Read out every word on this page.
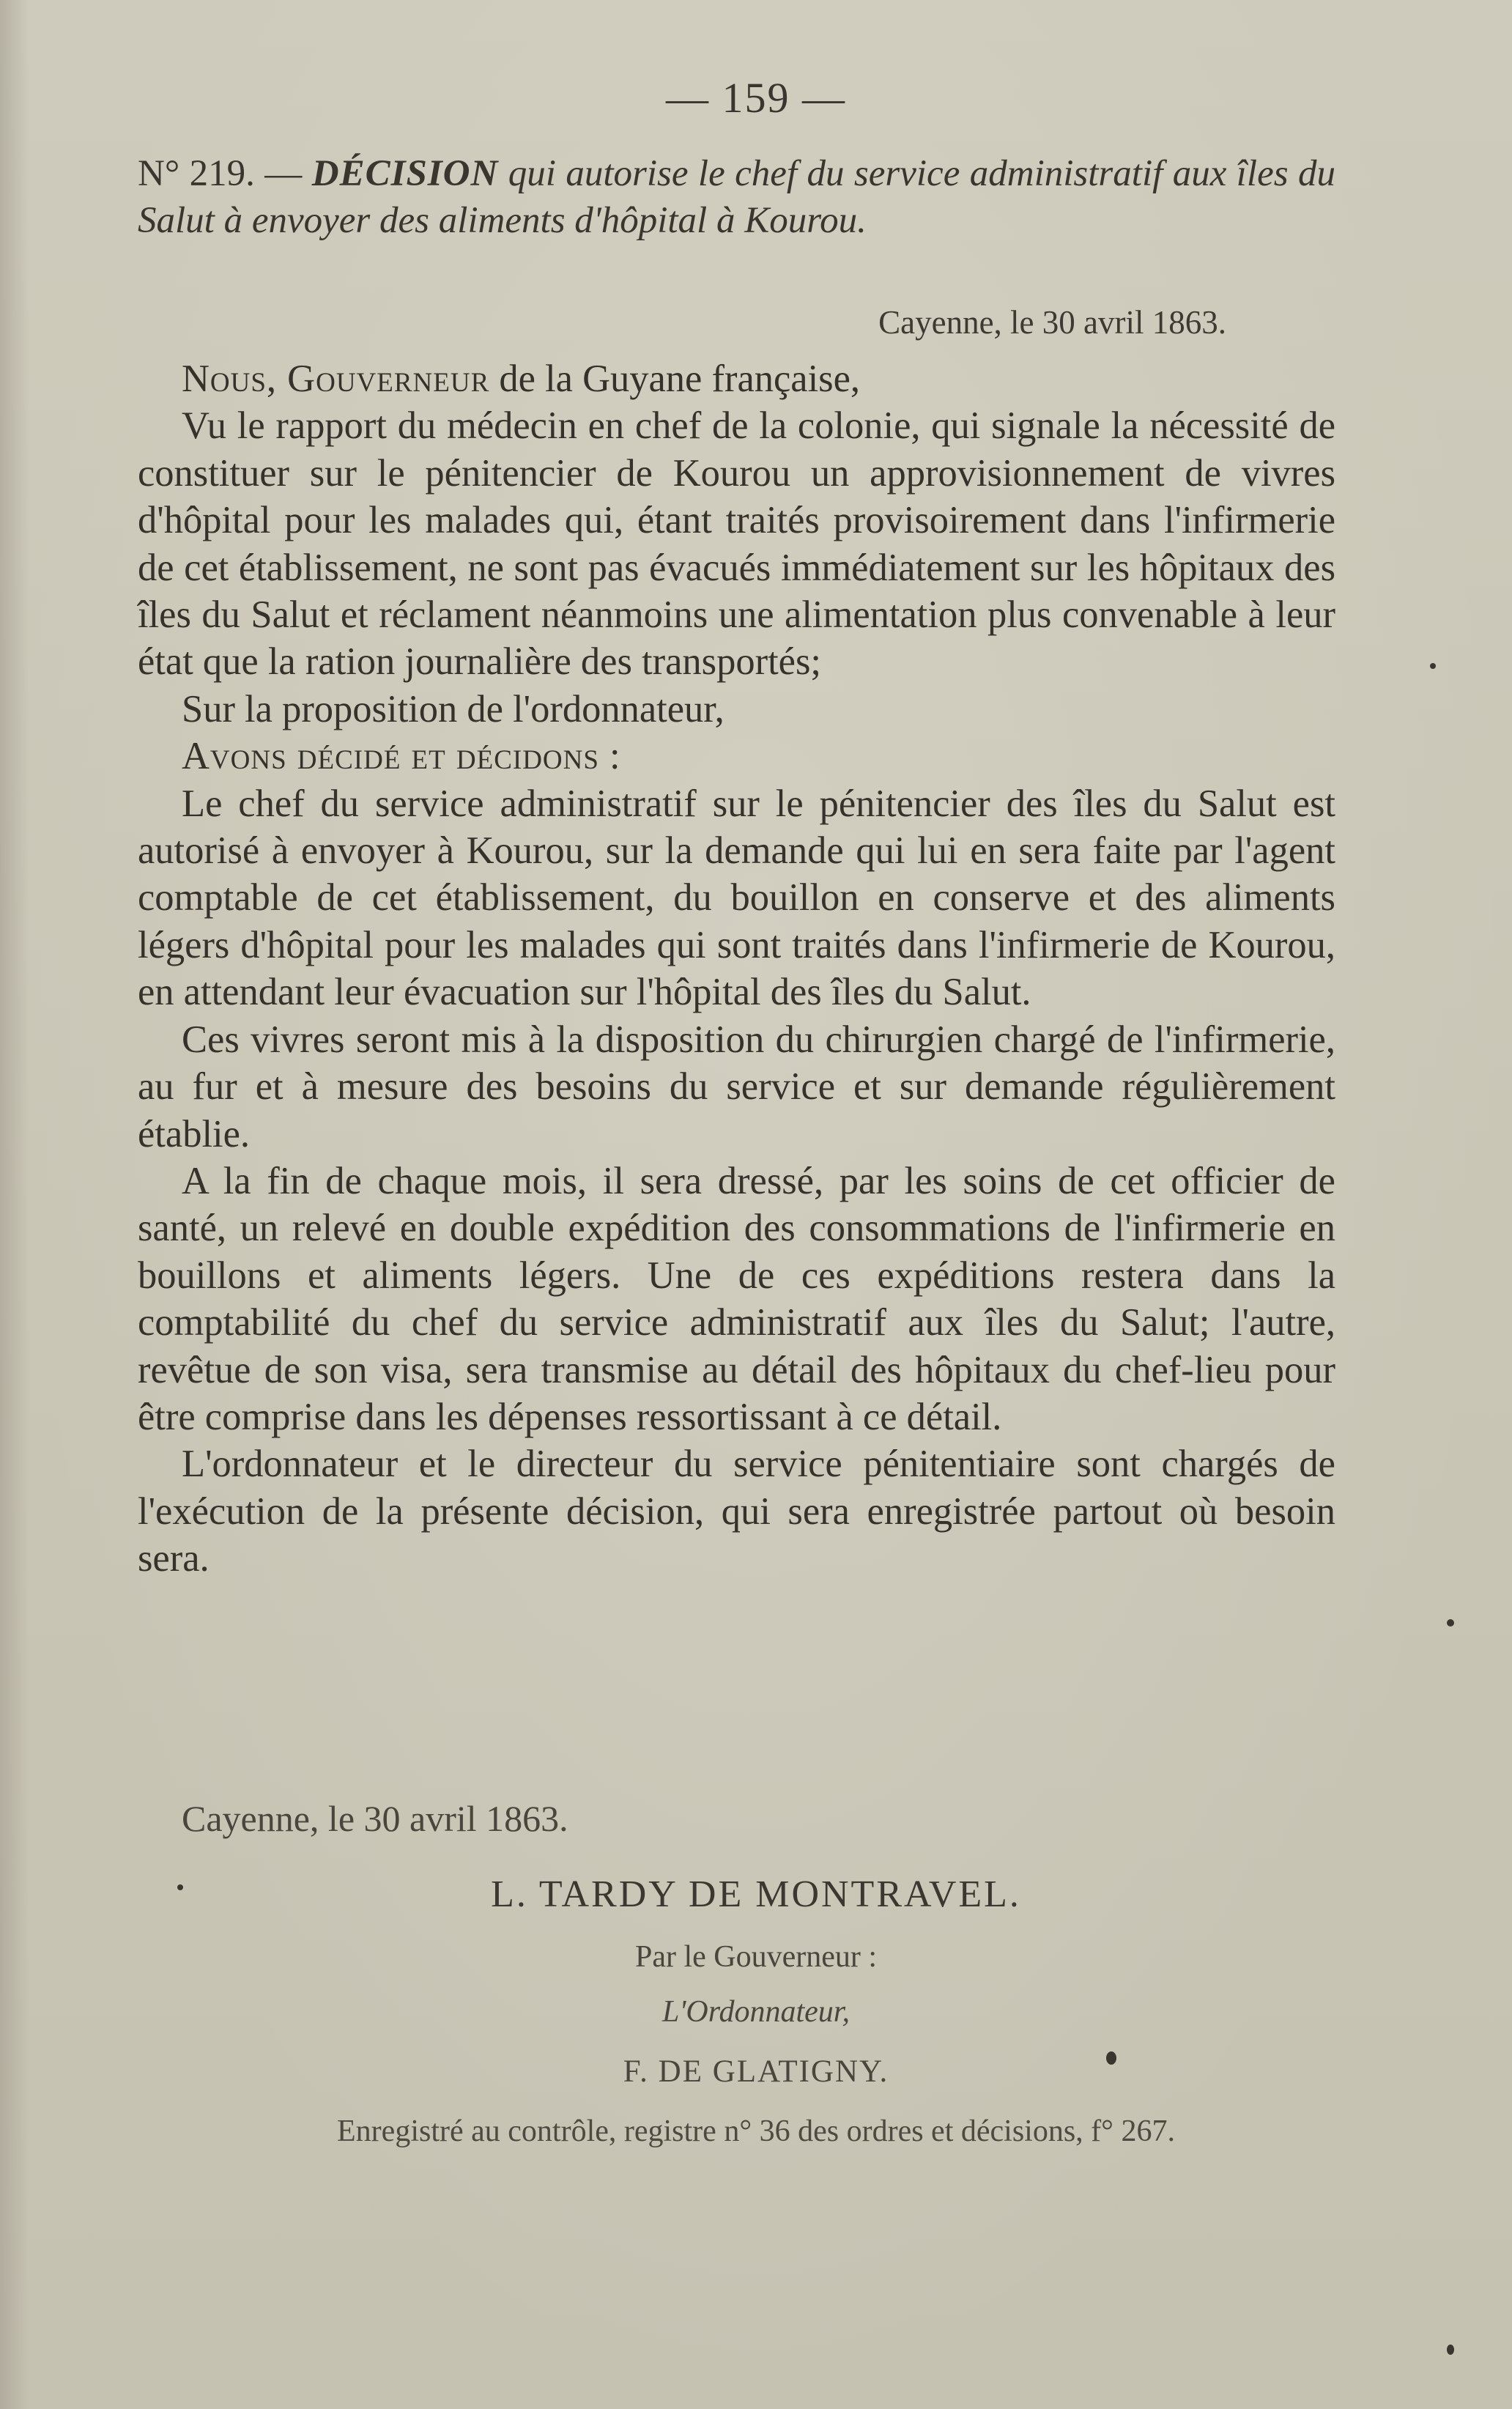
— 159 —
N° 219. — DÉCISION qui autorise le chef du service administratif aux îles du Salut à envoyer des aliments d'hôpital à Kourou.
Cayenne, le 30 avril 1863.

Nous, Gouverneur de la Guyane française,

Vu le rapport du médecin en chef de la colonie, qui signale la nécessité de constituer sur le pénitencier de Kourou un approvisionnement de vivres d'hôpital pour les malades qui, étant traités provisoirement dans l'infirmerie de cet établissement, ne sont pas évacués immédiatement sur les hôpitaux des îles du Salut et réclament néanmoins une alimentation plus convenable à leur état que la ration journalière des transportés;

Sur la proposition de l'ordonnateur,

Avons décidé et décidons :

Le chef du service administratif sur le pénitencier des îles du Salut est autorisé à envoyer à Kourou, sur la demande qui lui en sera faite par l'agent comptable de cet établissement, du bouillon en conserve et des aliments légers d'hôpital pour les malades qui sont traités dans l'infirmerie de Kourou, en attendant leur évacuation sur l'hôpital des îles du Salut.

Ces vivres seront mis à la disposition du chirurgien chargé de l'infirmerie, au fur et à mesure des besoins du service et sur demande régulièrement établie.

A la fin de chaque mois, il sera dressé, par les soins de cet officier de santé, un relevé en double expédition des consommations de l'infirmerie en bouillons et aliments légers. Une de ces expéditions restera dans la comptabilité du chef du service administratif aux îles du Salut; l'autre, revêtue de son visa, sera transmise au détail des hôpitaux du chef-lieu pour être comprise dans les dépenses ressortissant à ce détail.

L'ordonnateur et le directeur du service pénitentiaire sont chargés de l'exécution de la présente décision, qui sera enregistrée partout où besoin sera.

Cayenne, le 30 avril 1863.
L. TARDY DE MONTRAVEL.
Par le Gouverneur :
L'Ordonnateur,
F. DE GLATIGNY.
Enregistré au contrôle, registre n° 36 des ordres et décisions, f° 267.
